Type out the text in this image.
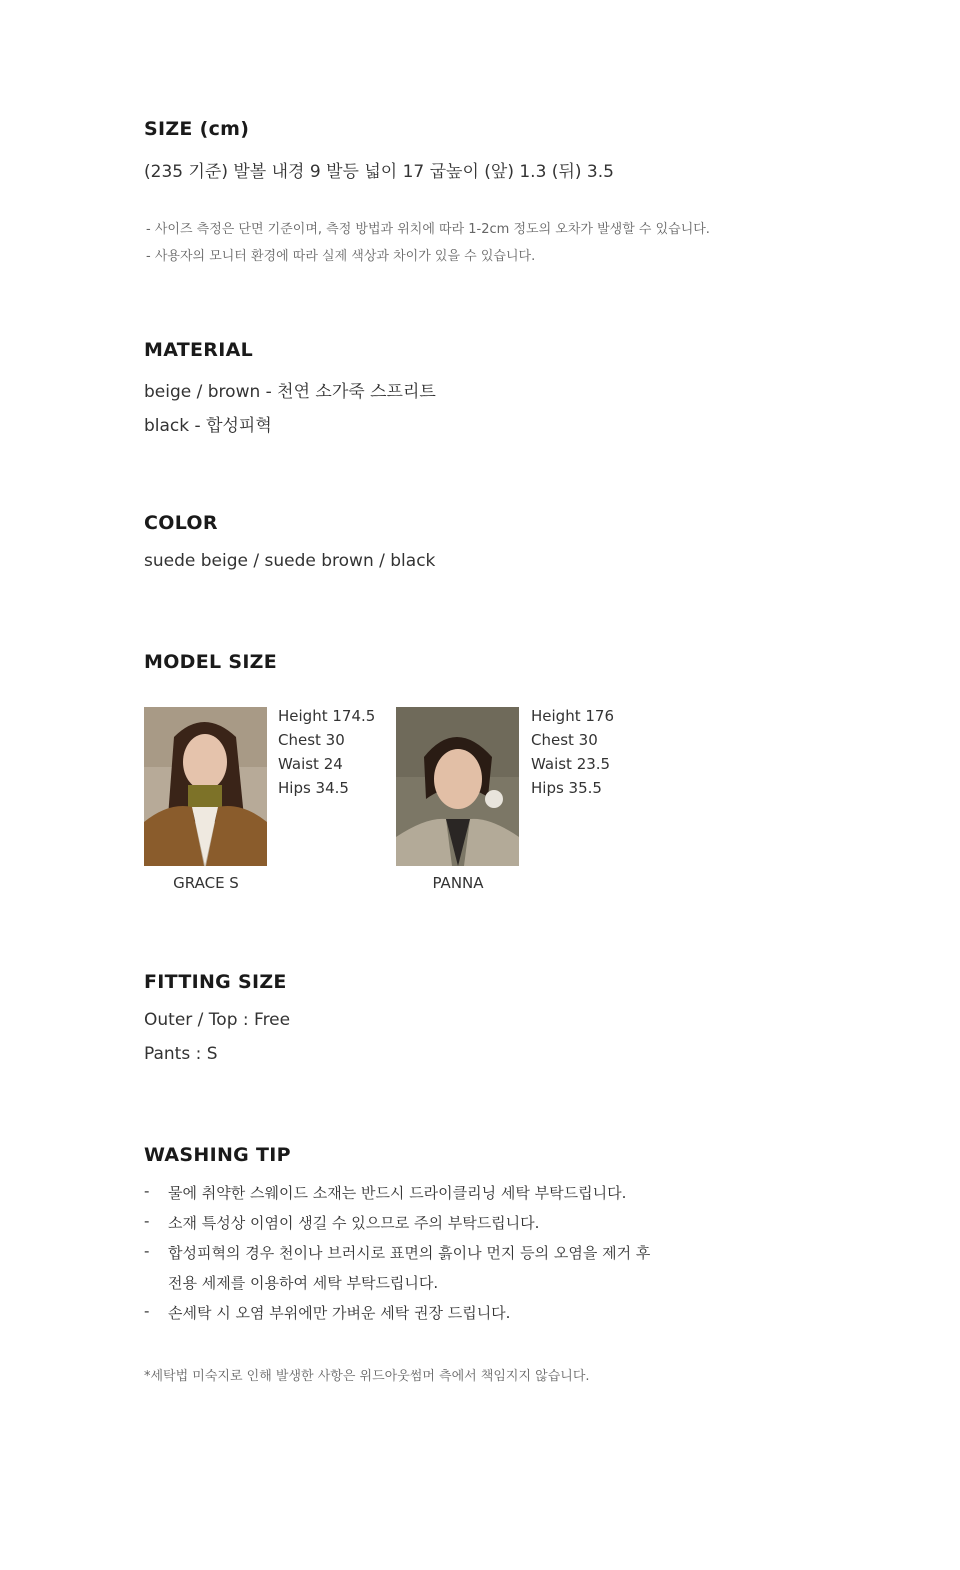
SIZE (cm)
(235 기준) 발볼 내경 9 발등 넓이 17 굽높이 (앞) 1.3 (뒤) 3.5
- 사이즈 측정은 단면 기준이며, 측정 방법과 위치에 따라 1-2cm 정도의 오차가 발생할 수 있습니다.
- 사용자의 모니터 환경에 따라 실제 색상과 차이가 있을 수 있습니다.
MATERIAL
beige / brown - 천연 소가죽 스프리트
black - 합성피혁
COLOR
suede beige / suede brown / black
MODEL SIZE
Height 174.5
Chest 30
Waist 24
Hips 34.5
GRACE S
Height 176
Chest 30
Waist 23.5
Hips 35.5
PANNA
FITTING SIZE
Outer / Top : Free
Pants : S
WASHING TIP
- 물에 취약한 스웨이드 소재는 반드시 드라이클리닝 세탁 부탁드립니다.
- 소재 특성상 이염이 생길 수 있으므로 주의 부탁드립니다.
- 합성피혁의 경우 천이나 브러시로 표면의 흙이나 먼지 등의 오염을 제거 후
전용 세제를 이용하여 세탁 부탁드립니다.
- 손세탁 시 오염 부위에만 가벼운 세탁 권장 드립니다.
*세탁법 미숙지로 인해 발생한 사항은 위드아웃썸머 측에서 책임지지 않습니다.
